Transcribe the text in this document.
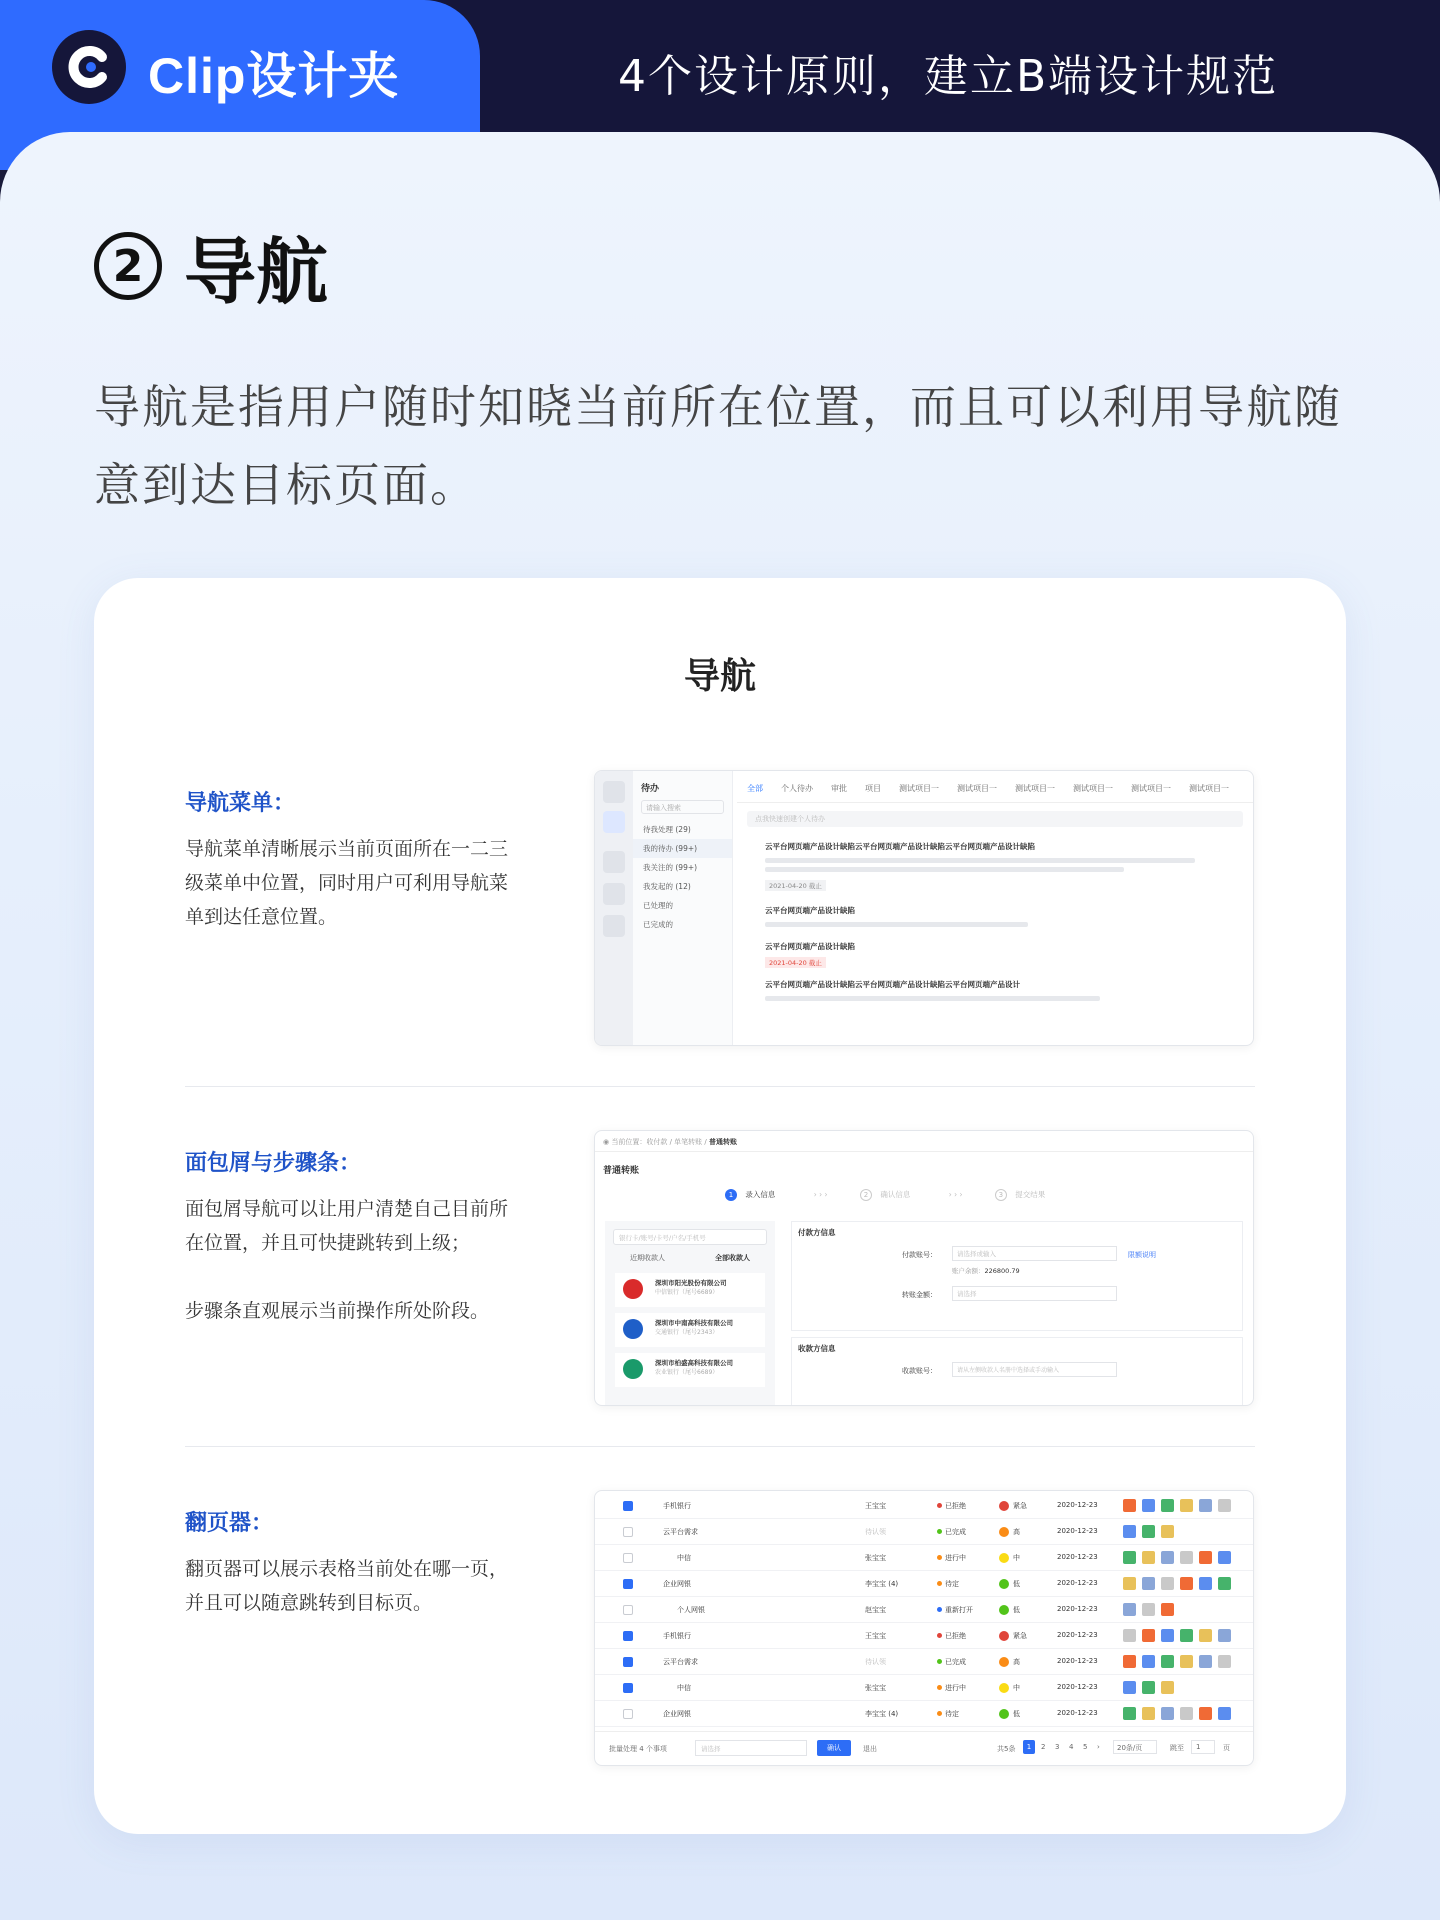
Clip设计夹	4个设计原则，建立B端设计规范
2 导航
导航是指用户随时知晓当前所在位置，而且可以利用导航随意到达目标页面。
导航
导航菜单：
导航菜单清晰展示当前页面所在一二三级菜单中位置，同时用户可利用导航菜单到达任意位置。
待办
请输入搜索
待我处理 (29)
我的待办 (99+)
我关注的 (99+)
我发起的 (12)
已处理的
已完成的
全部 个人待办 审批 项目 测试项目一 测试项目一 测试项目一 测试项目一 测试项目一 测试项目一
点我快速创建个人待办
云平台网页端产品设计缺陷云平台网页端产品设计缺陷云平台网页端产品设计缺陷
2021-04-20 截止
云平台网页端产品设计缺陷
云平台网页端产品设计缺陷
2021-04-20 截止
云平台网页端产品设计缺陷云平台网页端产品设计缺陷云平台网页端产品设计
面包屑与步骤条：
面包屑导航可以让用户清楚自己目前所在位置，并且可快捷跳转到上级；
步骤条直观展示当前操作所处阶段。
◉ 当前位置：收付款 / 单笔转账 / 普通转账
普通转账
1 录入信息	› › ›	2 确认信息	› › ›	3 提交结果
银行卡/账号/卡号/户名/手机号
近期收款人	全部收款人
深圳市阳光股份有限公司
中信银行（尾号6689）
深圳市中南高科技有限公司
交通银行（尾号2343）
深圳市柏盛高科技有限公司
农业银行（尾号6689）
付款方信息
付款账号：	请选择或输入	限额说明
账户余额：226800.79
转账金额：	请选择
收款方信息
收款账号：	请从左侧收款人名册中选择或手动输入
翻页器：
翻页器可以展示表格当前处在哪一页，并且可以随意跳转到目标页。
手机银行	王宝宝	已拒绝	紧急	2020-12-23
云平台需求	待认领	已完成	高	2020-12-23
中信	张宝宝	进行中	中	2020-12-23
企业网银	李宝宝 (4)	待定	低	2020-12-23
个人网银	赵宝宝	重新打开	低	2020-12-23
手机银行	王宝宝	已拒绝	紧急	2020-12-23
云平台需求	待认领	已完成	高	2020-12-23
中信	张宝宝	进行中	中	2020-12-23
企业网银	李宝宝 (4)	待定	低	2020-12-23
批量处理 4 个事项	请选择	确认	退出	共5条	1	2 3 4 5 ›	20条/页	跳至	1	页
